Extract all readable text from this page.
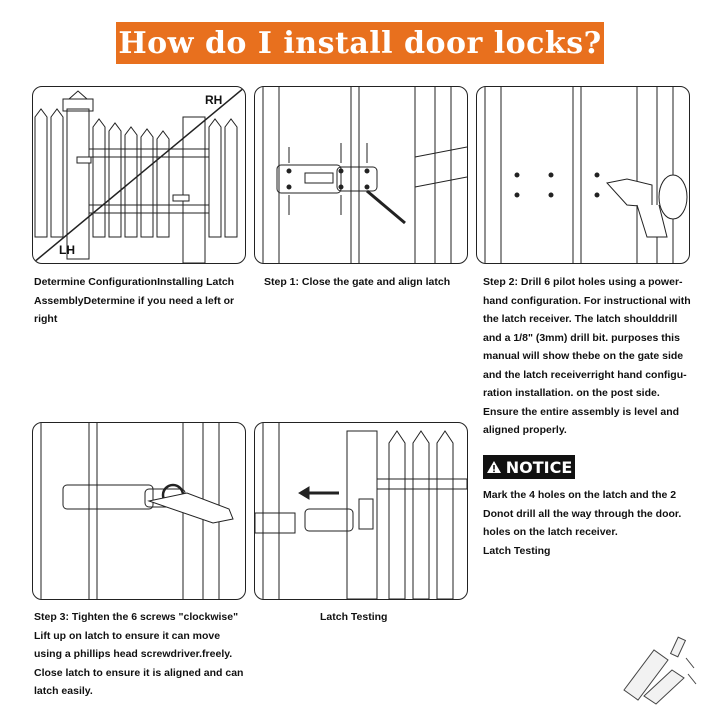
How do I install door locks?
RH
LH
Determine ConfigurationInstalling Latch
AssemblyDetermine if you need a left or
right
Step 1: Close the gate and align latch	Step 2: Drill 6 pilot holes using a power-
hand configuration. For instructional with
the latch receiver. The latch shoulddrill
and a 1/8" (3mm) drill bit. purposes this
manual will show thebe on the gate side
and the latch receiverright hand configu-
ration installation. on the post side.
Ensure the entire assembly is level and
aligned properly.
NOTICE
Mark the 4 holes on the latch and the 2
Donot drill all the way through the door.
holes on the latch receiver.
Latch Testing
Step 3: Tighten the 6 screws "clockwise"
Lift up on latch to ensure it can move
using a phillips head screwdriver.freely.
Close latch to ensure it is aligned and can
latch easily.
Latch Testing
